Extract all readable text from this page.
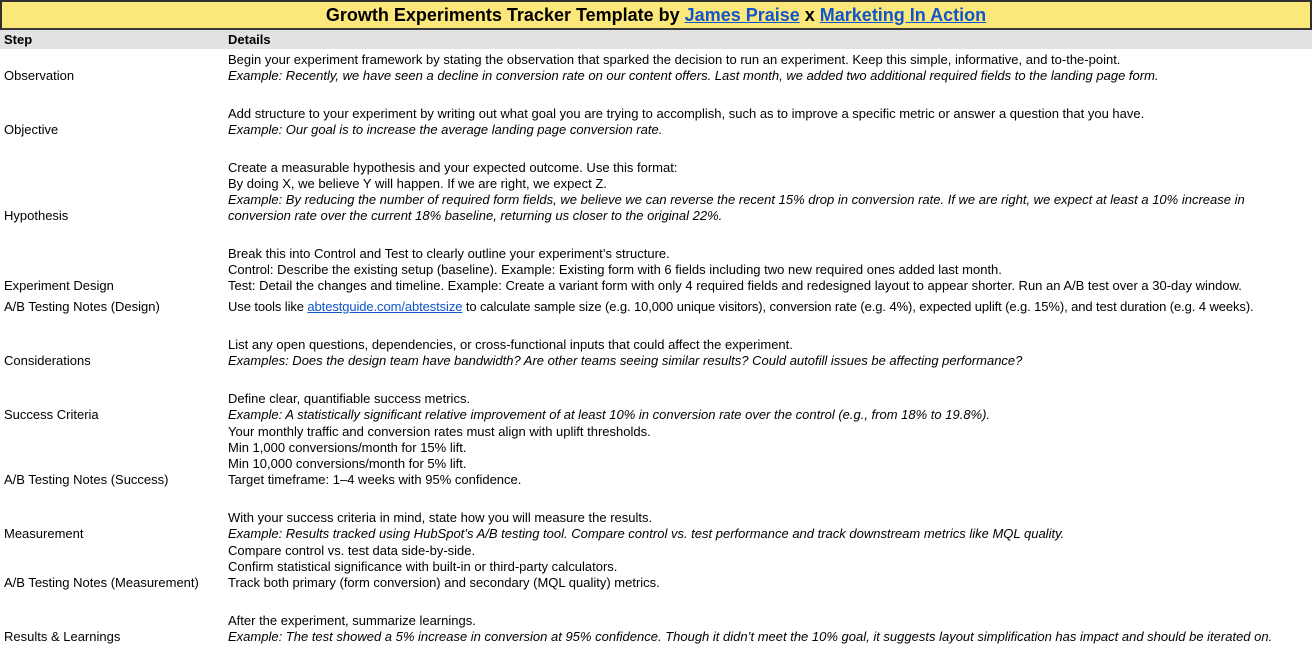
Growth Experiments Tracker Template by James Praise x Marketing In Action
Step	Details
Observation
Begin your experiment framework by stating the observation that sparked the decision to run an experiment. Keep this simple, informative, and to-the-point.
Example: Recently, we have seen a decline in conversion rate on our content offers. Last month, we added two additional required fields to the landing page form.
Objective
Add structure to your experiment by writing out what goal you are trying to accomplish, such as to improve a specific metric or answer a question that you have.
Example: Our goal is to increase the average landing page conversion rate.
Hypothesis
Create a measurable hypothesis and your expected outcome. Use this format:
By doing X, we believe Y will happen. If we are right, we expect Z.
Example: By reducing the number of required form fields, we believe we can reverse the recent 15% drop in conversion rate. If we are right, we expect at least a 10% increase in conversion rate over the current 18% baseline, returning us closer to the original 22%.
Experiment Design
Break this into Control and Test to clearly outline your experiment’s structure.
Control: Describe the existing setup (baseline). Example: Existing form with 6 fields including two new required ones added last month.
Test: Detail the changes and timeline. Example: Create a variant form with only 4 required fields and redesigned layout to appear shorter. Run an A/B test over a 30-day window.
A/B Testing Notes (Design)	Use tools like abtestguide.com/abtestsize to calculate sample size (e.g. 10,000 unique visitors), conversion rate (e.g. 4%), expected uplift (e.g. 15%), and test duration (e.g. 4 weeks).
Considerations
List any open questions, dependencies, or cross-functional inputs that could affect the experiment.
Examples: Does the design team have bandwidth? Are other teams seeing similar results? Could autofill issues be affecting performance?
Success Criteria
Define clear, quantifiable success metrics.
Example: A statistically significant relative improvement of at least 10% in conversion rate over the control (e.g., from 18% to 19.8%).
A/B Testing Notes (Success)
Your monthly traffic and conversion rates must align with uplift thresholds.
Min 1,000 conversions/month for 15% lift.
Min 10,000 conversions/month for 5% lift.
Target timeframe: 1–4 weeks with 95% confidence.
Measurement
With your success criteria in mind, state how you will measure the results.
Example: Results tracked using HubSpot’s A/B testing tool. Compare control vs. test performance and track downstream metrics like MQL quality.
A/B Testing Notes (Measurement)
Compare control vs. test data side-by-side.
Confirm statistical significance with built-in or third-party calculators.
Track both primary (form conversion) and secondary (MQL quality) metrics.
Results & Learnings
After the experiment, summarize learnings.
Example: The test showed a 5% increase in conversion at 95% confidence. Though it didn’t meet the 10% goal, it suggests layout simplification has impact and should be iterated on.
